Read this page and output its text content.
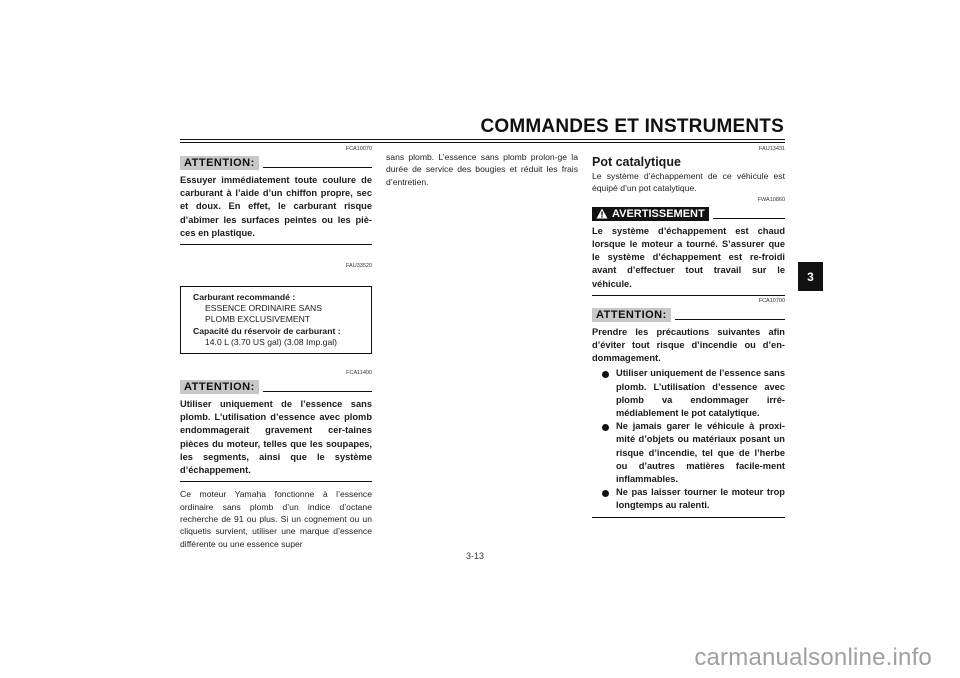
COMMANDES ET INSTRUMENTS
3
FCA10070
ATTENTION:

Essuyer immédiatement toute coulure de carburant à l’aide d’un chiffon propre, sec et doux. En effet, le carburant risque d’abîmer les surfaces peintes ou les piè-ces en plastique.

FAU33520
Carburant recommandé :
ESSENCE ORDINAIRE SANS
PLOMB EXCLUSIVEMENT
Capacité du réservoir de carburant :
14.0 L (3.70 US gal) (3.08 Imp.gal)
FCA11400
ATTENTION:

Utiliser uniquement de l’essence sans plomb. L’utilisation d’essence avec plomb endommagerait gravement cer-taines pièces du moteur, telles que les soupapes, les segments, ainsi que le système d’échappement.

Ce moteur Yamaha fonctionne à l’essence ordinaire sans plomb d’un indice d’octane recherche de 91 ou plus. Si un cognement ou un cliquetis survient, utiliser une marque d’essence différente ou une essence super

sans plomb. L’essence sans plomb prolon-ge la durée de service des bougies et réduit les frais d’entretien.

FAU13431
Pot catalytique

Le système d’échappement de ce véhicule est équipé d’un pot catalytique.

FWA10860
AVERTISSEMENT

Le système d’échappement est chaud lorsque le moteur a tourné. S’assurer que le système d’échappement est re-froidi avant d’effectuer tout travail sur le véhicule.

FCA10700
ATTENTION:

Prendre les précautions suivantes afin d’éviter tout risque d’incendie ou d’en-dommagement.

Utiliser uniquement de l’essence sans plomb. L’utilisation d’essence avec plomb va endommager irré-médiablement le pot catalytique.
Ne jamais garer le véhicule à proxi-mité d’objets ou matériaux posant un risque d’incendie, tel que de l’herbe ou d’autres matières facile-ment inflammables.
Ne pas laisser tourner le moteur trop longtemps au ralenti.
3-13
carmanualsonline.info
